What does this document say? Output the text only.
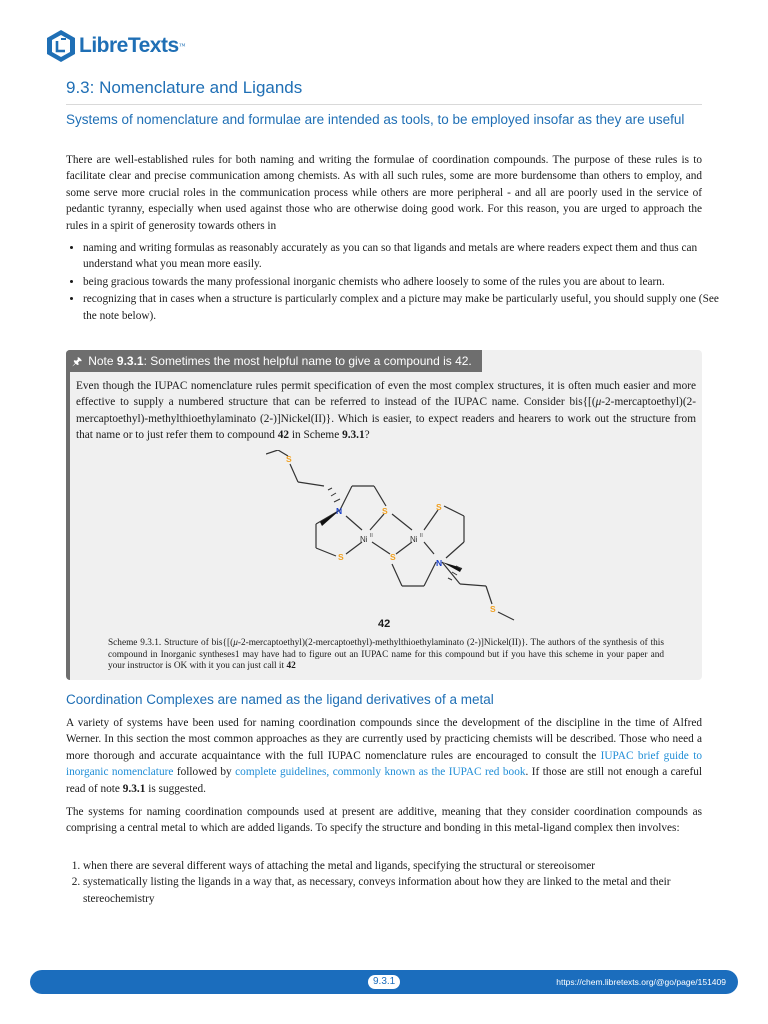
LibreTexts ™
9.3: Nomenclature and Ligands
Systems of nomenclature and formulae are intended as tools, to be employed insofar as they are useful

There are well-established rules for both naming and writing the formulae of coordination compounds. The purpose of these rules is to facilitate clear and precise communication among chemists. As with all such rules, some are more burdensome than others to employ, and some serve more crucial roles in the communication process while others are more peripheral - and all are poorly used in the service of pedantic tyranny, especially when used against those who are otherwise doing good work. For this reason, you are urged to approach the rules in a spirit of generosity towards others in

• naming and writing formulas as reasonably accurately as you can so that ligands and metals are where readers expect them and thus can understand what you mean more easily.
• being gracious towards the many professional inorganic chemists who adhere loosely to some of the rules you are about to learn.
• recognizing that in cases when a structure is particularly complex and a picture may make be particularly useful, you should supply one (See the note below).
🖈 Note 9.3.1: Sometimes the most helpful name to give a compound is 42.

Even though the IUPAC nomenclature rules permit specification of even the most complex structures, it is often much easier and more effective to supply a numbered structure that can be referred to instead of the IUPAC name. Consider bis{[(μ-2-mercaptoethyl)(2-mercaptoethyl)-methylthioethylaminato (2-)]Nickel(II)}. Which is easier, to expect readers and hearers to work out the structure from that name or to just refer them to compound 42 in Scheme 9.3.1?

S
S
S	S
S
S
N
N
Ni II	Ni II
42

Scheme 9.3.1. Structure of bis{[(μ-2-mercaptoethyl)(2-mercaptoethyl)-methylthioethylaminato (2-)]Nickel(II)}. The authors of the synthesis of this compound in Inorganic syntheses1 may have had to figure out an IUPAC name for this compound but if you have this scheme in your paper and your instructor is OK with it you can just call it 42

Coordination Complexes are named as the ligand derivatives of a metal

A variety of systems have been used for naming coordination compounds since the development of the discipline in the time of Alfred Werner. In this section the most common approaches as they are currently used by practicing chemists will be described. Those who need a more thorough and accurate acquaintance with the full IUPAC nomenclature rules are encouraged to consult the IUPAC brief guide to inorganic nomenclature followed by complete guidelines, commonly known as the IUPAC red book. If those are still not enough a careful read of note 9.3.1 is suggested.

The systems for naming coordination compounds used at present are additive, meaning that they consider coordination compounds as comprising a central metal to which are added ligands. To specify the structure and bonding in this metal-ligand complex then involves:

1. when there are several different ways of attaching the metal and ligands, specifying the structural or stereoisomer
2. systematically listing the ligands in a way that, as necessary, conveys information about how they are linked to the metal and their stereochemistry
9.3.1	https://chem.libretexts.org/@go/page/151409
